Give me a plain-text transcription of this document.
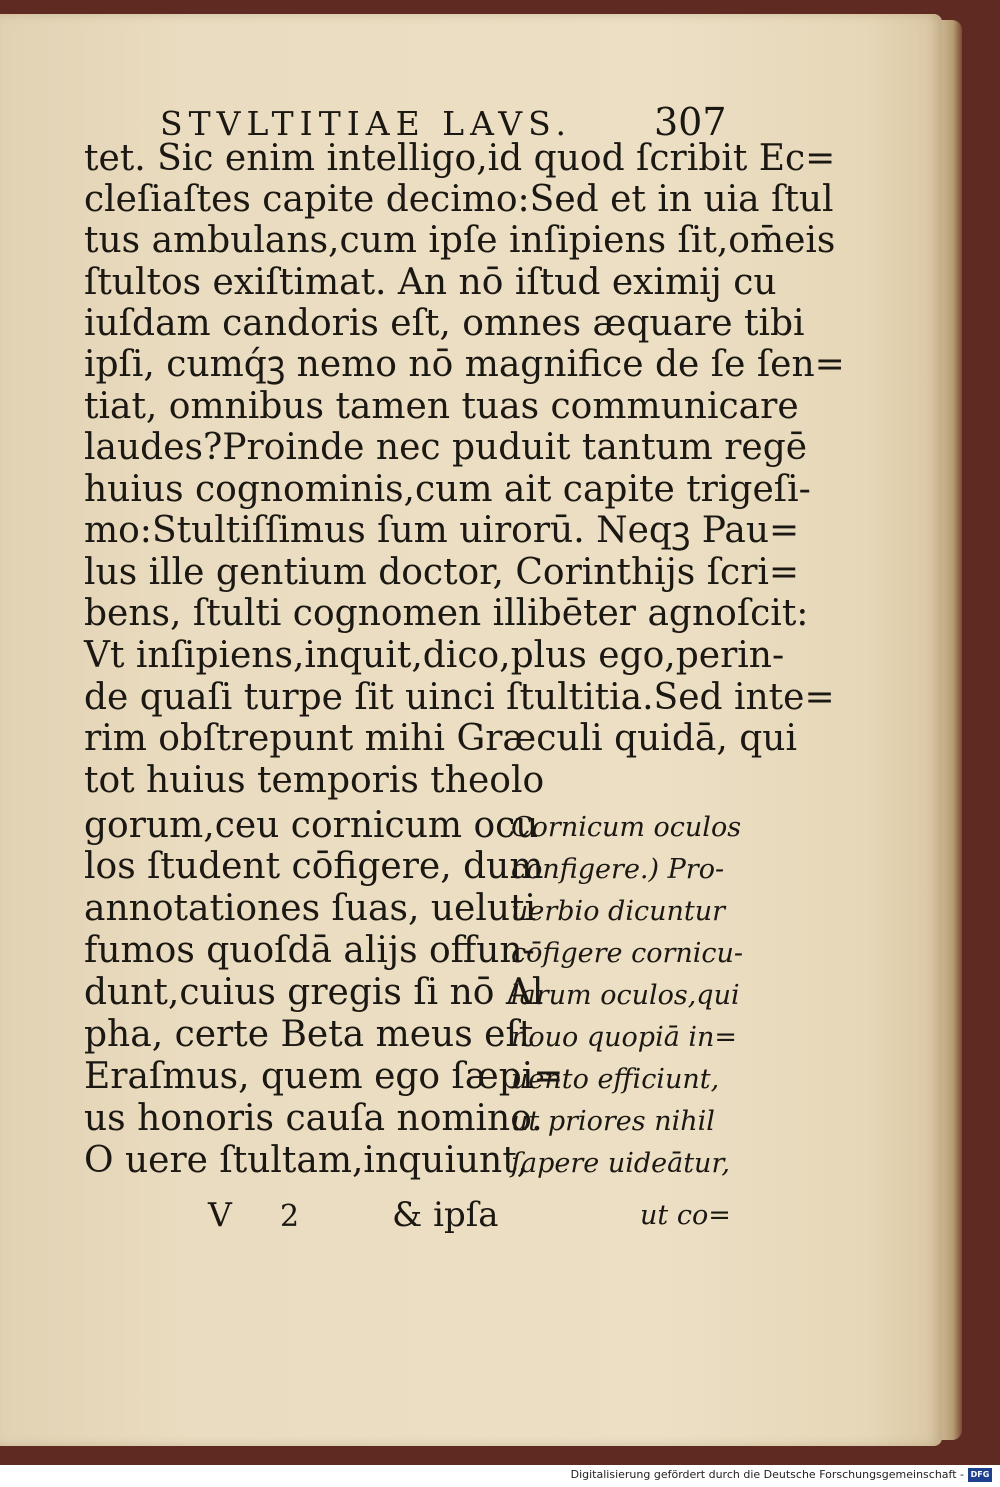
STVLTITIAE LAVS. 307
tet. Sic enim intelligo,id quod ſcribit Ec=
cleſiaſtes capite decimo:Sed et in uia ſtul
tus ambulans,cum ipſe inſipiens ſit,om̄eis
ſtultos exiſtimat. An nō iſtud eximij cu
iuſdam candoris eſt, omnes æquare tibi
ipſi, cumq́ꝫ nemo nō magnifice de ſe ſen=
tiat, omnibus tamen tuas communicare
laudes?Proinde nec puduit tantum regē
huius cognominis,cum ait capite trigeſi-
mo:Stultiſſimus ſum uirorū. Neqꝫ Pau=
lus ille gentium doctor, Corinthijs ſcri=
bens, ſtulti cognomen illibēter agnoſcit:
Vt inſipiens,inquit,dico,plus ego,perin-
de quaſi turpe ſit uinci ſtultitia.Sed inte=
rim obſtrepunt mihi Græculi quidā, qui
tot huius temporis theolo
gorum,ceu cornicum ocu
los ſtudent cōfigere, dum
annotationes ſuas, ueluti
fumos quoſdā alijs offun-
dunt,cuius gregis ſi nō Al
pha, certe Beta meus eſt
Eraſmus, quem ego ſæpi=
us honoris cauſa nomino.
O uere ſtultam,inquiunt,
Cornicum oculos
configere.) Pro-
uerbio dicuntur
cōfigere cornicu-
larum oculos,qui
nouo quopiā in=
uento efficiunt,
ut priores nihil
ſapere uideātur,
V 2	& ipſa	ut co=
Digitalisierung gefördert durch die Deutsche Forschungsgemeinschaft - DFG
